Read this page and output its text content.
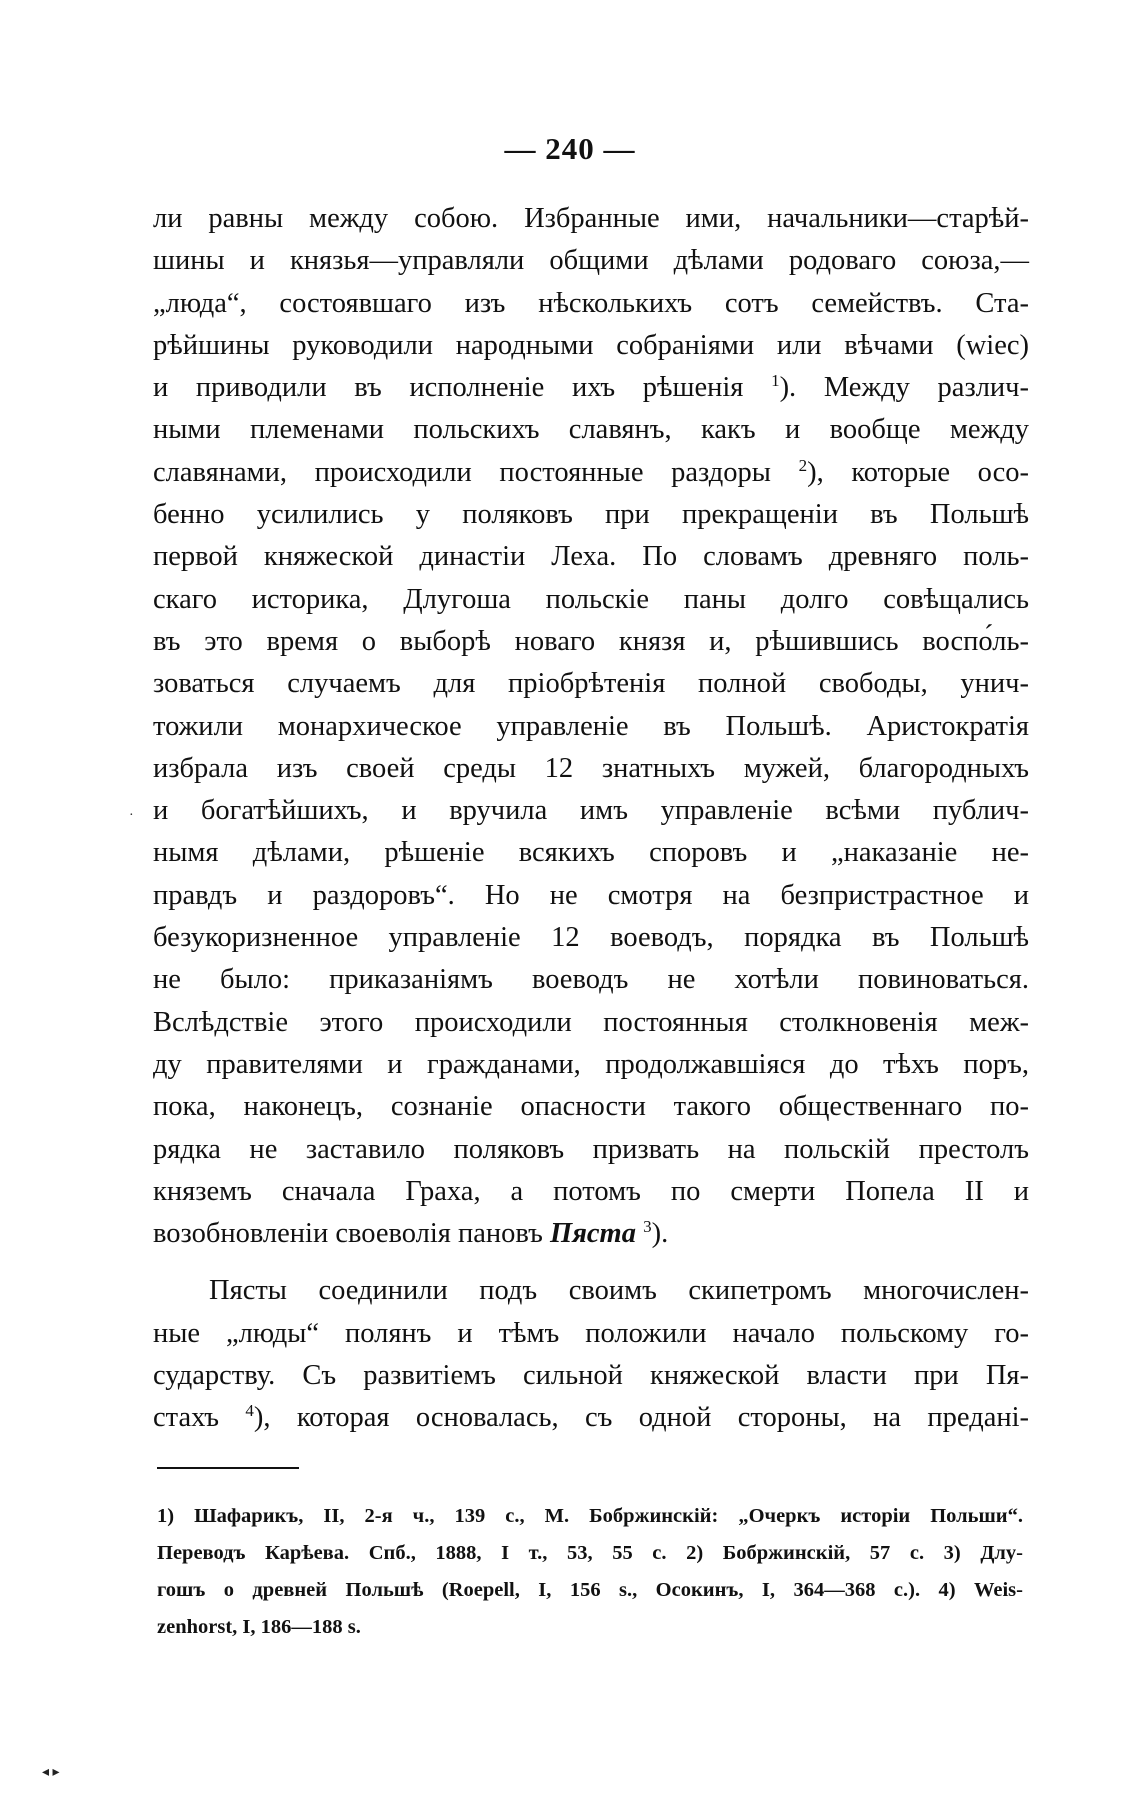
— 240 —
ли равны между собою. Избранные ими, начальники—старѣй-
шины и князья—управляли общими дѣлами родоваго союза,—
„люда“, состоявшаго изъ нѣсколькихъ сотъ семействъ. Ста-
рѣйшины руководили народными собраніями или вѣчами (wiec)
и приводили въ исполненіе ихъ рѣшенія $^1$). Между различ-
ными племенами польскихъ славянъ, какъ и вообще между
славянами, происходили постоянные раздоры $^2$), которые осо-
бенно усилились у поляковъ при прекращеніи въ Польшѣ
первой княжеской династіи Леха. По словамъ древняго поль-
скаго историка, Длугоша польскіе паны долго совѣщались
въ это время о выборѣ новаго князя и, рѣшившись воспо́ль-
зоваться случаемъ для пріобрѣтенія полной свободы, унич-
тожили монархическое управленіе въ Польшѣ. Аристократія
избрала изъ своей среды 12 знатныхъ мужей, благородныхъ
и богатѣйшихъ, и вручила имъ управленіе всѣми публич-
нымя дѣлами, рѣшеніе всякихъ споровъ и „наказаніе не-
правдъ и раздоровъ“. Но не смотря на безпристрастное и
безукоризненное управленіе 12 воеводъ, порядка въ Польшѣ
не было: приказаніямъ воеводъ не хотѣли повиноваться.
Вслѣдствіе этого происходили постоянныя столкновенія меж-
ду правителями и гражданами, продолжавшіяся до тѣхъ поръ,
пока, наконецъ, сознаніе опасности такого общественнаго по-
рядка не заставило поляковъ призвать на польскій престолъ
княземъ сначала Граха, а потомъ по смерти Попела II и
возобновленіи своеволія пановъ Пяста $^3$).
Пясты соединили подъ своимъ скипетромъ многочислен-
ные „люды“ полянъ и тѣмъ положили начало польскому го-
сударству. Съ развитіемъ сильной княжеской власти при Пя-
стахъ $^4$), которая основалась, съ одной стороны, на преданi-
1) Шафарикъ, II, 2-я ч., 139 с., М. Бобржинскій: „Очеркъ исторіи Польши“.
Переводъ Карѣева. Спб., 1888, I т., 53, 55 с. 2) Бобржинскій, 57 с. 3) Длу-
гошъ о древней Польшѣ (Roepell, I, 156 s., Осокинъ, I, 364—368 с.). 4) Weis-
zenhorst, I, 186—188 s.
·
◂ ▸
